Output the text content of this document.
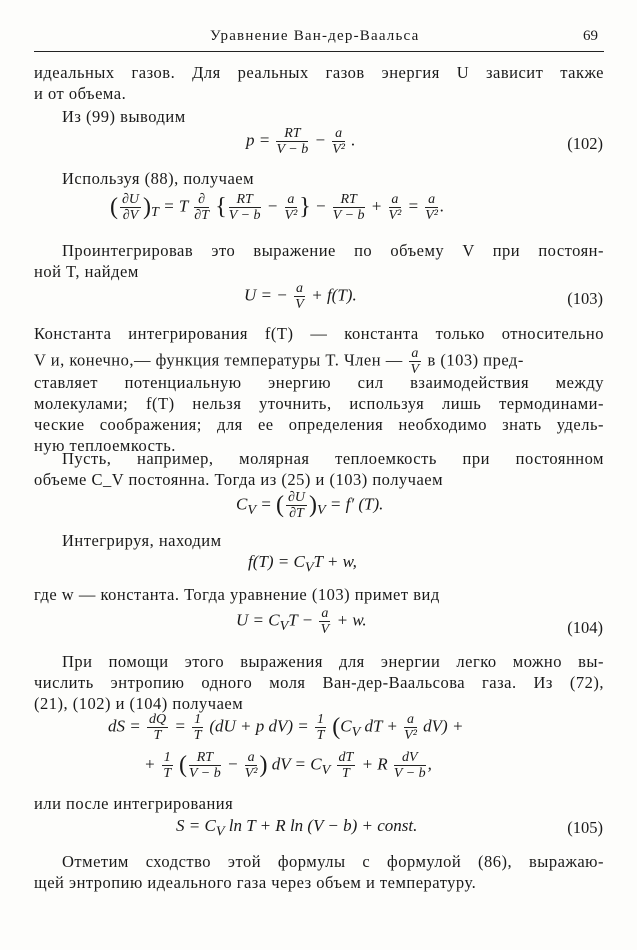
Уравнение Ван-дер-Ваальса	69
идеальных газов. Для реальных газов энергия U зависит также
и от объема.
Из (99) выводим
$p = \frac{RT}{V - b} - \frac{a}{\text{V²}}$ .	(102)
Используя (88), получаем
( $\frac{\partial U}{\partial V} )_T = T \frac{\partial}{\partial T}$ { $\frac{RT}{V - b} - \frac{a}{\text{V²}}$ } − $\frac{RT}{V - b} + \frac{a}{\text{V²}} = \frac{a}{\text{V²}}$ .
Проинтегрировав это выражение по объему V при постоян-
ной T, найдем
U = − $\frac{a}{V} + f(T)$.	(103)
Константа интегрирования f(T) — константа только относительно
V и, конечно,— функция температуры T. Член — $\frac{a}{V}$ в (103) пред-
ставляет потенциальную энергию сил взаимодействия между
молекулами; f(T) нельзя уточнить, используя лишь термодинами-
ческие соображения; для ее определения необходимо знать удель-
ную теплоемкость.
Пусть, например, молярная теплоемкость при постоянном
объеме C_V постоянна. Тогда из (25) и (103) получаем
$C_V$ = ( $\frac{\partial U}{\partial T} )_V = f'$ (T).
Интегрируя, находим
$f(T) = C_VT + w$,
где w — константа. Тогда уравнение (103) примет вид
$U = C_VT - \frac{a}{V} + w$.	(104)
При помощи этого выражения для энергии легко можно вы-
числить энтропию одного моля Ван-дер-Ваальсова газа. Из (72),
(21), (102) и (104) получаем
dS = $\frac{dQ}{T} = \frac{1}{T} (dU + p$ $dV) = \frac{1}{T} (C_V$ dT + $\frac{a}{\text{V²}} dV$) +
+ $\frac{1}{T}$ ( $\frac{RT}{V - b} - \frac{a}{\text{V²}}$ ) dV = $C_V \frac{dT}{T} + R \frac{dV}{V - b}$ ,
или после интегрирования
$S = C_V$ ln T + R ln (V − b) + const.	(105)
Отметим сходство этой формулы с формулой (86), выражаю-
щей энтропию идеального газа через объем и температуру.
